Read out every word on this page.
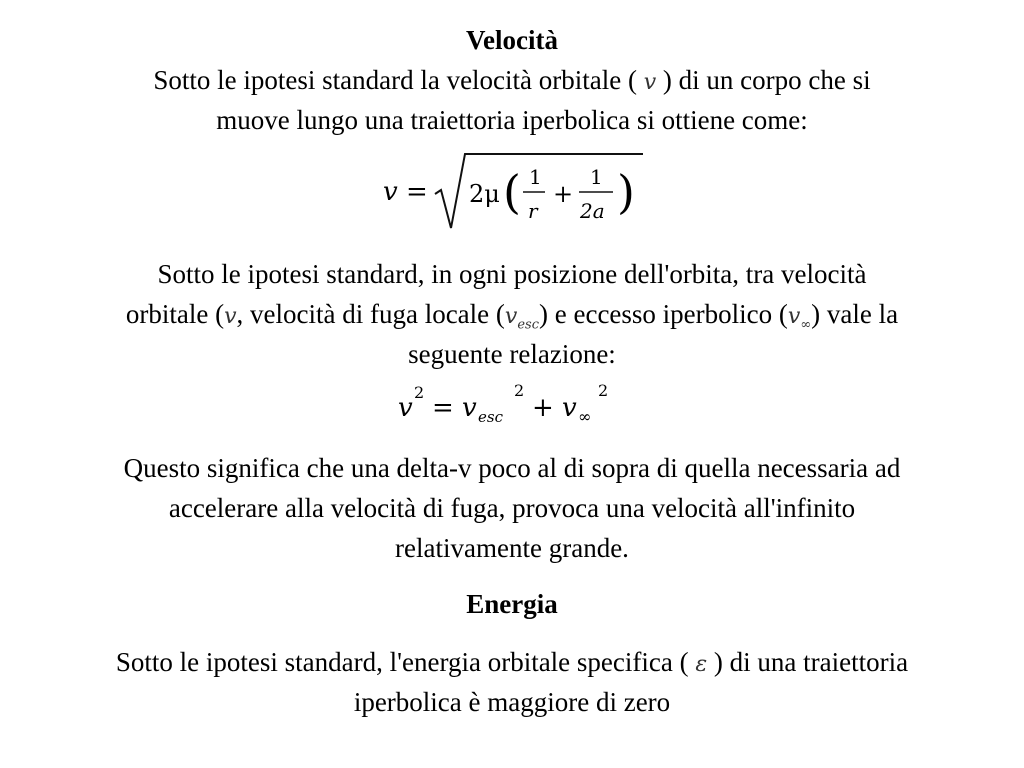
Velocità
Sotto le ipotesi standard la velocità orbitale ( v ) di un corpo che si
muove lungo una traiettoria iperbolica si ottiene come:
v = 2μ ( 1
r
+
1
2a )
Sotto le ipotesi standard, in ogni posizione dell'orbita, tra velocità
orbitale (v, velocità di fuga locale $(v_{esc})$ e eccesso iperbolico $(v_\infty)$ vale la
seguente relazione:
v
2
= v esc
2
+ v ∞
2
Questo significa che una delta-v poco al di sopra di quella necessaria ad
accelerare alla velocità di fuga, provoca una velocità all'infinito
relativamente grande.
Energia
Sotto le ipotesi standard, l'energia orbitale specifica ( ε ) di una traiettoria
iperbolica è maggiore di zero
